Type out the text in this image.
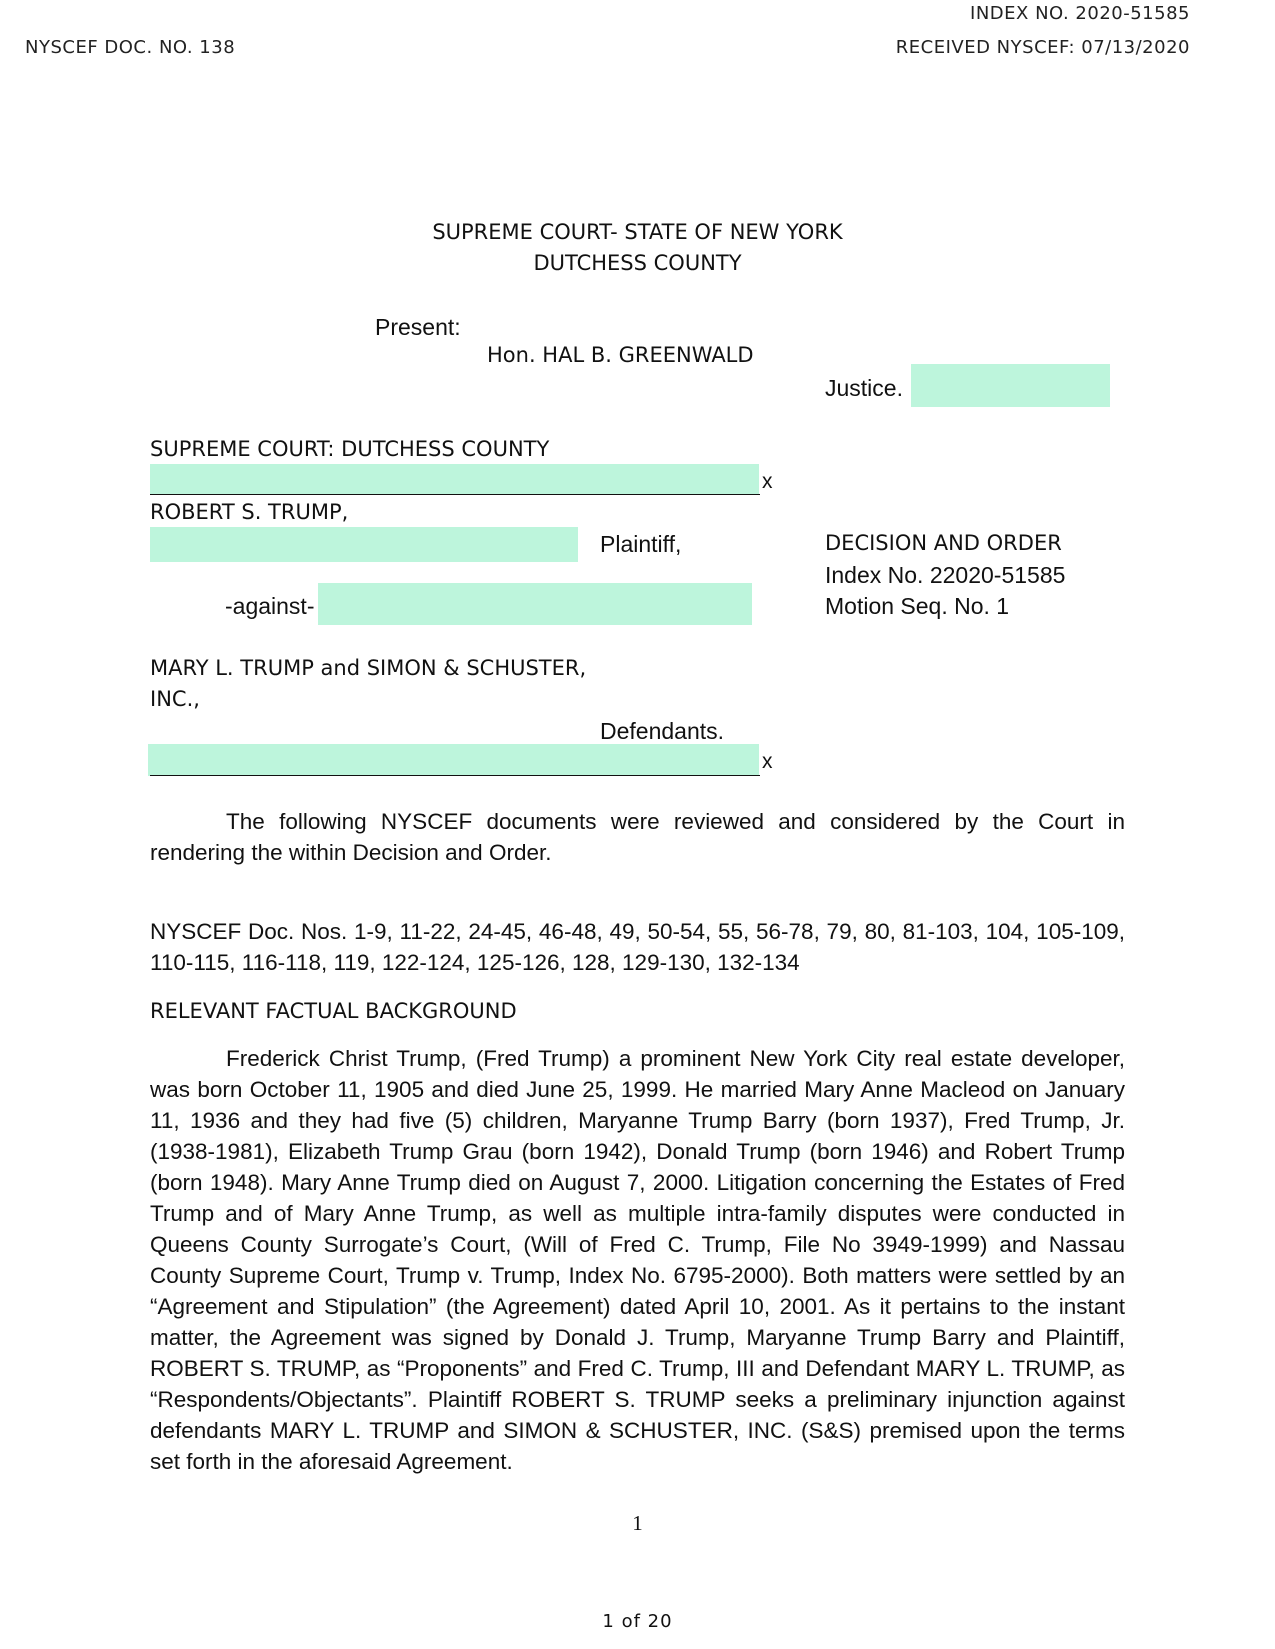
INDEX NO. 2020-51585
NYSCEF DOC. NO. 138	RECEIVED NYSCEF: 07/13/2020
SUPREME COURT- STATE OF NEW YORK
DUTCHESS COUNTY
Present:
Hon. HAL B. GREENWALD
Justice.
SUPREME COURT: DUTCHESS COUNTY
x
ROBERT S. TRUMP,
Plaintiff,
-against-
MARY L. TRUMP and SIMON & SCHUSTER,
INC.,
Defendants.
x
DECISION AND ORDER
Index No. 22020-51585
Motion Seq. No. 1

The following NYSCEF documents were reviewed and considered by the Court in rendering the within Decision and Order.

NYSCEF Doc. Nos. 1-9, 11-22, 24-45, 46-48, 49, 50-54, 55, 56-78, 79, 80, 81-103, 104, 105-109, 110-115, 116-118, 119, 122-124, 125-126, 128, 129-130, 132-134

RELEVANT FACTUAL BACKGROUND

Frederick Christ Trump, (Fred Trump) a prominent New York City real estate developer, was born October 11, 1905 and died June 25, 1999. He married Mary Anne Macleod on January 11, 1936 and they had five (5) children, Maryanne Trump Barry (born 1937), Fred Trump, Jr. (1938-1981), Elizabeth Trump Grau (born 1942), Donald Trump (born 1946) and Robert Trump (born 1948). Mary Anne Trump died on August 7, 2000. Litigation concerning the Estates of Fred Trump and of Mary Anne Trump, as well as multiple intra-family disputes were conducted in Queens County Surrogate’s Court, (Will of Fred C. Trump, File No 3949-1999) and Nassau County Supreme Court, Trump v. Trump, Index No. 6795-2000). Both matters were settled by an “Agreement and Stipulation” (the Agreement) dated April 10, 2001. As it pertains to the instant matter, the Agreement was signed by Donald J. Trump, Maryanne Trump Barry and Plaintiff, ROBERT S. TRUMP, as “Proponents” and Fred C. Trump, III and Defendant MARY L. TRUMP, as “Respondents/Objectants”. Plaintiff ROBERT S. TRUMP seeks a preliminary injunction against defendants MARY L. TRUMP and SIMON & SCHUSTER, INC. (S&S) premised upon the terms set forth in the aforesaid Agreement.

1
1 of 20
